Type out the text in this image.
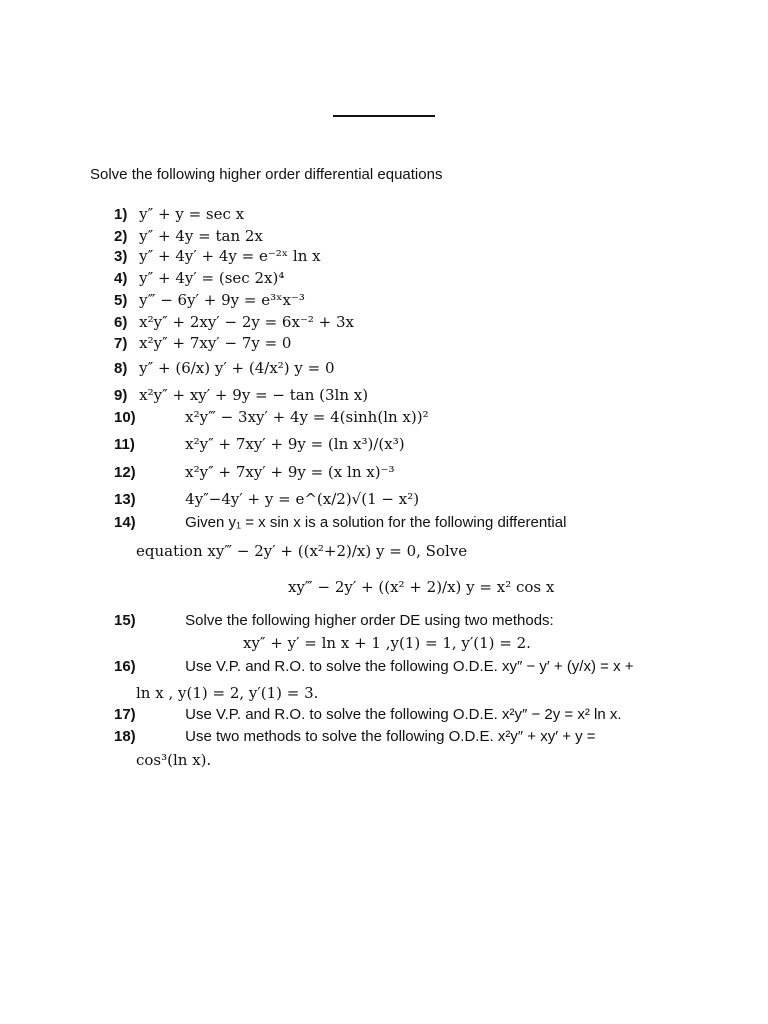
Solve the following higher order differential equations
1) y″ + y = sec x
2) y″ + 4y = tan 2x
3) y″ + 4y′ + 4y = e⁻²ˣ ln x
4) y″ + 4y′ = (sec 2x)⁴
5) y‴ − 6y′ + 9y = e³ˣx⁻³
6) x²y″ + 2xy′ − 2y = 6x⁻² + 3x
7) x²y″ + 7xy′ − 7y = 0
8) y″ + (6/x) y′ + (4/x²) y = 0
9) x²y″ + xy′ + 9y = − tan (3ln x)
10)	x²y‴ − 3xy′ + 4y = 4(sinh(ln x))²
11)	x²y″ + 7xy′ + 9y = (ln x³)/(x³)
12)	x²y″ + 7xy′ + 9y = (x ln x)⁻³
13)	4y″−4y′ + y = e^(x/2)√(1 − x²)
14)	Given y₁ = x sin x is a solution for the following differential
equation xy‴ − 2y′ + ((x²+2)/x) y = 0, Solve
xy‴ − 2y′ + ((x² + 2)/x) y = x² cos x
15)	Solve the following higher order DE using two methods:
xy″ + y′ = ln x + 1 ,y(1) = 1, y′(1) = 2.
16)	Use V.P. and R.O. to solve the following O.D.E. xy″ − y′ + (y/x) = x +
ln x , y(1) = 2, y′(1) = 3.
17)	Use V.P. and R.O. to solve the following O.D.E. x²y″ − 2y = x² ln x.
18)	Use two methods to solve the following O.D.E. x²y″ + xy′ + y =
cos³(ln x).
